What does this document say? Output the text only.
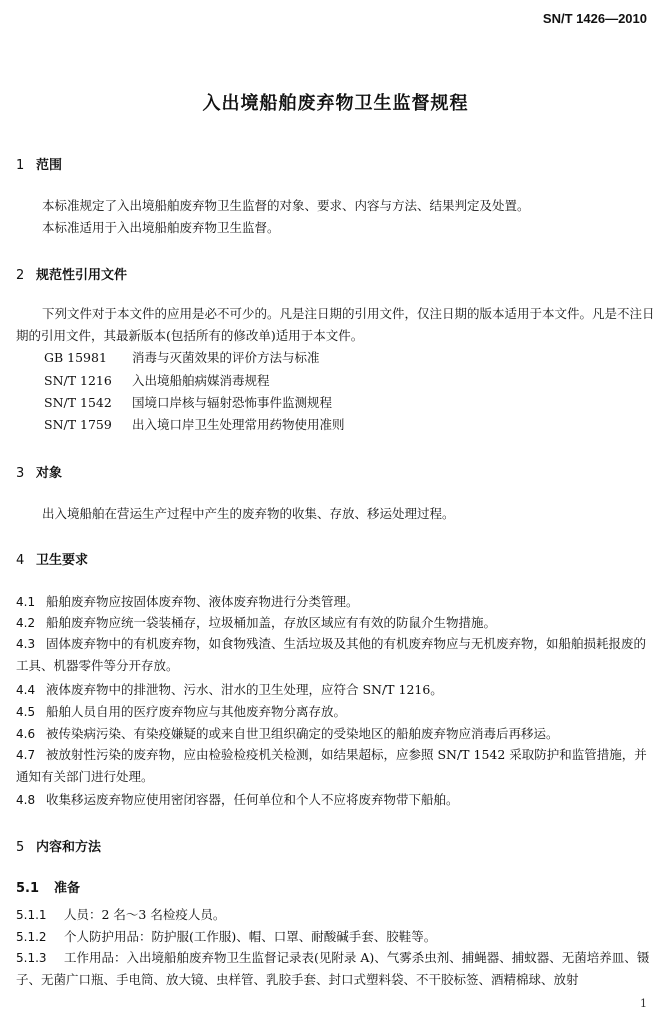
SN/T 1426—2010
入出境船舶废弃物卫生监督规程
1 范围
本标准规定了入出境船舶废弃物卫生监督的对象、要求、内容与方法、结果判定及处置。
本标准适用于入出境船舶废弃物卫生监督。
2 规范性引用文件
下列文件对于本文件的应用是必不可少的。凡是注日期的引用文件，仅注日期的版本适用于本文件。凡是不注日期的引用文件，其最新版本(包括所有的修改单)适用于本文件。
GB 15981 消毒与灭菌效果的评价方法与标准
SN/T 1216 入出境船舶病媒消毒规程
SN/T 1542 国境口岸核与辐射恐怖事件监测规程
SN/T 1759 出入境口岸卫生处理常用药物使用准则
3 对象
出入境船舶在营运生产过程中产生的废弃物的收集、存放、移运处理过程。
4 卫生要求
4.1 船舶废弃物应按固体废弃物、液体废弃物进行分类管理。
4.2 船舶废弃物应统一袋装桶存，垃圾桶加盖，存放区域应有有效的防鼠介生物措施。
4.3 固体废弃物中的有机废弃物，如食物残渣、生活垃圾及其他的有机废弃物应与无机废弃物，如船舶损耗报废的工具、机器零件等分开存放。
4.4 液体废弃物中的排泄物、污水、泔水的卫生处理，应符合 SN/T 1216。
4.5 船舶人员自用的医疗废弃物应与其他废弃物分离存放。
4.6 被传染病污染、有染疫嫌疑的或来自世卫组织确定的受染地区的船舶废弃物应消毒后再移运。
4.7 被放射性污染的废弃物，应由检验检疫机关检测，如结果超标，应参照 SN/T 1542 采取防护和监管措施，并通知有关部门进行处理。
4.8 收集移运废弃物应使用密闭容器，任何单位和个人不应将废弃物带下船舶。
5 内容和方法
5.1 准备
5.1.1 人员：2 名～3 名检疫人员。
5.1.2 个人防护用品：防护服(工作服)、帽、口罩、耐酸碱手套、胶鞋等。
5.1.3 工作用品：入出境船舶废弃物卫生监督记录表(见附录 A)、气雾杀虫剂、捕蝇器、捕蚊器、无菌培养皿、镊子、无菌广口瓶、手电筒、放大镜、虫样管、乳胶手套、封口式塑料袋、不干胶标签、酒精棉球、放射
1
